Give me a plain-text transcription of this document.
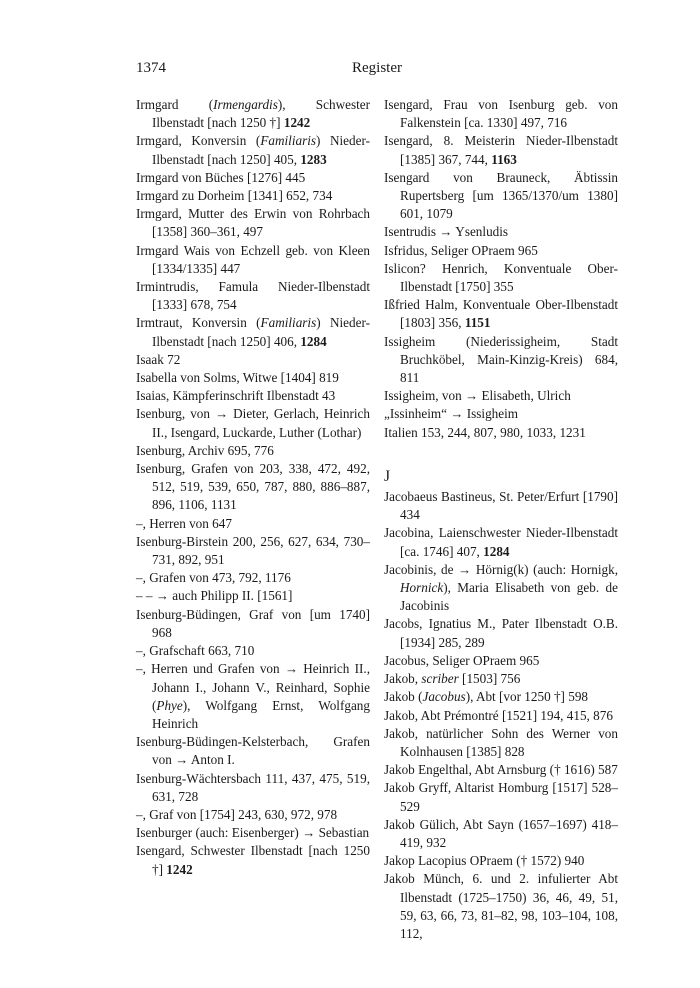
1374	Register

Irmgard (Irmengardis), Schwester Ilbenstadt [nach 1250 †] 1242

Irmgard, Konversin (Familiaris) Nieder-Ilbenstadt [nach 1250] 405, 1283

Irmgard von Büches [1276] 445

Irmgard zu Dorheim [1341] 652, 734

Irmgard, Mutter des Erwin von Rohrbach [1358] 360–361, 497

Irmgard Wais von Echzell geb. von Kleen [1334/1335] 447

Irmintrudis, Famula Nieder-Ilbenstadt [1333] 678, 754

Irmtraut, Konversin (Familiaris) Nieder-Ilbenstadt [nach 1250] 406, 1284

Isaak 72

Isabella von Solms, Witwe [1404] 819

Isaias, Kämpferinschrift Ilbenstadt 43

Isenburg, von → Dieter, Gerlach, Heinrich II., Isengard, Luckarde, Luther (Lothar)

Isenburg, Archiv 695, 776

Isenburg, Grafen von 203, 338, 472, 492, 512, 519, 539, 650, 787, 880, 886–887, 896, 1106, 1131

–, Herren von 647

Isenburg-Birstein 200, 256, 627, 634, 730–731, 892, 951

–, Grafen von 473, 792, 1176

– – → auch Philipp II. [1561]

Isenburg-Büdingen, Graf von [um 1740] 968

–, Grafschaft 663, 710

–, Herren und Grafen von → Heinrich II., Johann I., Johann V., Reinhard, Sophie (Phye), Wolfgang Ernst, Wolfgang Heinrich

Isenburg-Büdingen-Kelsterbach, Grafen von → Anton I.

Isenburg-Wächtersbach 111, 437, 475, 519, 631, 728

–, Graf von [1754] 243, 630, 972, 978

Isenburger (auch: Eisenberger) → Sebastian

Isengard, Schwester Ilbenstadt [nach 1250 †] 1242

Isengard, Frau von Isenburg geb. von Falkenstein [ca. 1330] 497, 716

Isengard, 8. Meisterin Nieder-Ilbenstadt [1385] 367, 744, 1163

Isengard von Brauneck, Äbtissin Rupertsberg [um 1365/1370/um 1380] 601, 1079

Isentrudis → Ysenludis

Isfridus, Seliger OPraem 965

Islicon? Henrich, Konventuale Ober-Ilbenstadt [1750] 355

Ißfried Halm, Konventuale Ober-Ilbenstadt [1803] 356, 1151

Issigheim (Niederissigheim, Stadt Bruchköbel, Main-Kinzig-Kreis) 684, 811

Issigheim, von → Elisabeth, Ulrich

„Issinheim“ → Issigheim

Italien 153, 244, 807, 980, 1033, 1231

J

Jacobaeus Bastineus, St. Peter/Erfurt [1790] 434

Jacobina, Laienschwester Nieder-Ilbenstadt [ca. 1746] 407, 1284

Jacobinis, de → Hörnig(k) (auch: Hornigk, Hornick), Maria Elisabeth von geb. de Jacobinis

Jacobs, Ignatius M., Pater Ilbenstadt O.B. [1934] 285, 289

Jacobus, Seliger OPraem 965

Jakob, scriber [1503] 756

Jakob (Jacobus), Abt [vor 1250 †] 598

Jakob, Abt Prémontré [1521] 194, 415, 876

Jakob, natürlicher Sohn des Werner von Kolnhausen [1385] 828

Jakob Engelthal, Abt Arnsburg († 1616) 587

Jakob Gryff, Altarist Homburg [1517] 528–529

Jakob Gülich, Abt Sayn (1657–1697) 418–419, 932

Jakop Lacopius OPraem († 1572) 940

Jakob Münch, 6. und 2. infulierter Abt Ilbenstadt (1725–1750) 36, 46, 49, 51, 59, 63, 66, 73, 81–82, 98, 103–104, 108, 112,
